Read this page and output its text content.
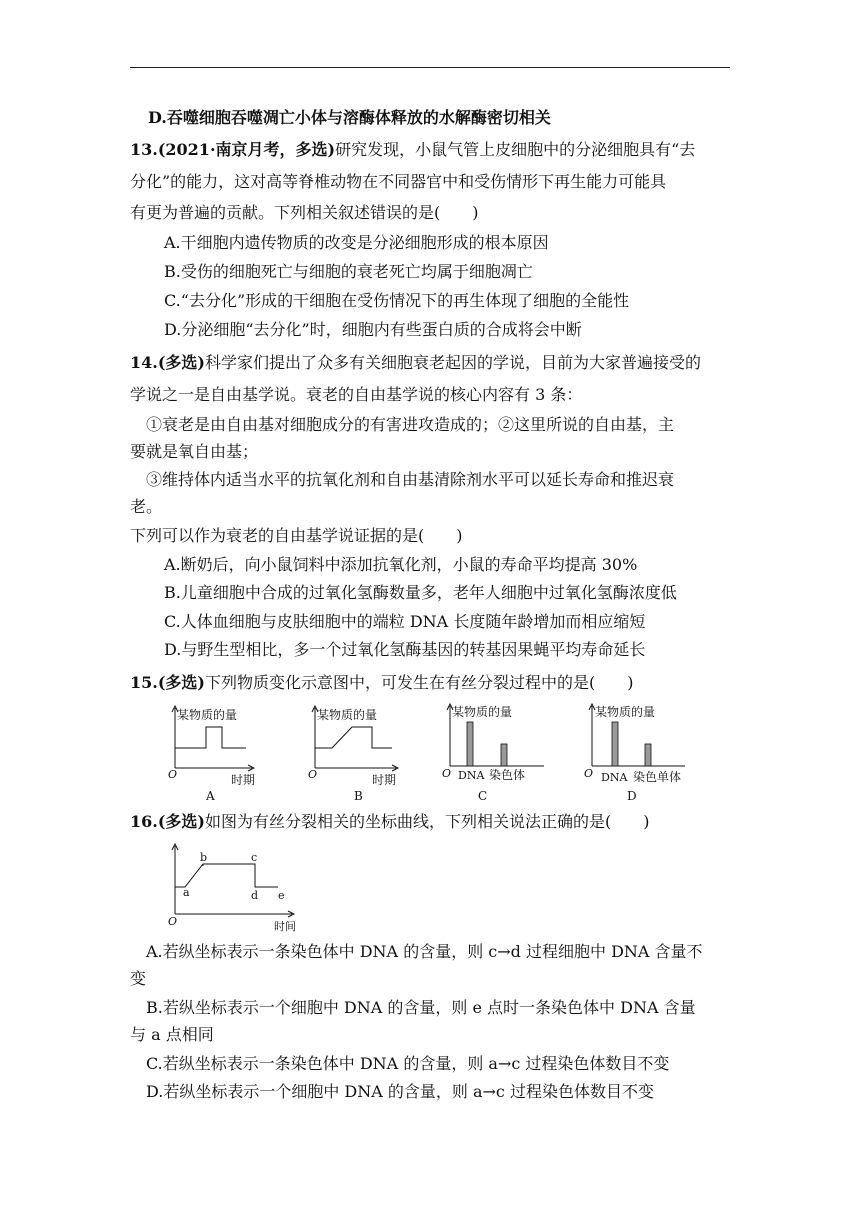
D.吞噬细胞吞噬凋亡小体与溶酶体释放的水解酶密切相关
13.(2021·南京月考，多选)研究发现，小鼠气管上皮细胞中的分泌细胞具有“去
分化”的能力，这对高等脊椎动物在不同器官中和受伤情形下再生能力可能具
有更为普遍的贡献。下列相关叙述错误的是(　　)
A.干细胞内遗传物质的改变是分泌细胞形成的根本原因
B.受伤的细胞死亡与细胞的衰老死亡均属于细胞凋亡
C.“去分化”形成的干细胞在受伤情况下的再生体现了细胞的全能性
D.分泌细胞“去分化”时，细胞内有些蛋白质的合成将会中断
14.(多选)科学家们提出了众多有关细胞衰老起因的学说，目前为大家普遍接受的
学说之一是自由基学说。衰老的自由基学说的核心内容有 3 条：
①衰老是由自由基对细胞成分的有害进攻造成的；②这里所说的自由基，主
要就是氧自由基；
③维持体内适当水平的抗氧化剂和自由基清除剂水平可以延长寿命和推迟衰
老。
下列可以作为衰老的自由基学说证据的是(　　)
A.断奶后，向小鼠饲料中添加抗氧化剂，小鼠的寿命平均提高 30%
B.儿童细胞中合成的过氧化氢酶数量多，老年人细胞中过氧化氢酶浓度低
C.人体血细胞与皮肤细胞中的端粒 DNA 长度随年龄增加而相应缩短
D.与野生型相比，多一个过氧化氢酶基因的转基因果蝇平均寿命延长
15.(多选)下列物质变化示意图中，可发生在有丝分裂过程中的是(　　)
某物质的量
O	时期
A
某物质的量
O	时期
B
某物质的量
O DNA 染色体
C
某物质的量
O DNA 染色单体
D
16.(多选)如图为有丝分裂相关的坐标曲线，下列相关说法正确的是(　　)
a
b	c
d e
O	时间
A.若纵坐标表示一条染色体中 DNA 的含量，则 c→d 过程细胞中 DNA 含量不
变
B.若纵坐标表示一个细胞中 DNA 的含量，则 e 点时一条染色体中 DNA 含量
与 a 点相同
C.若纵坐标表示一条染色体中 DNA 的含量，则 a→c 过程染色体数目不变
D.若纵坐标表示一个细胞中 DNA 的含量，则 a→c 过程染色体数目不变
